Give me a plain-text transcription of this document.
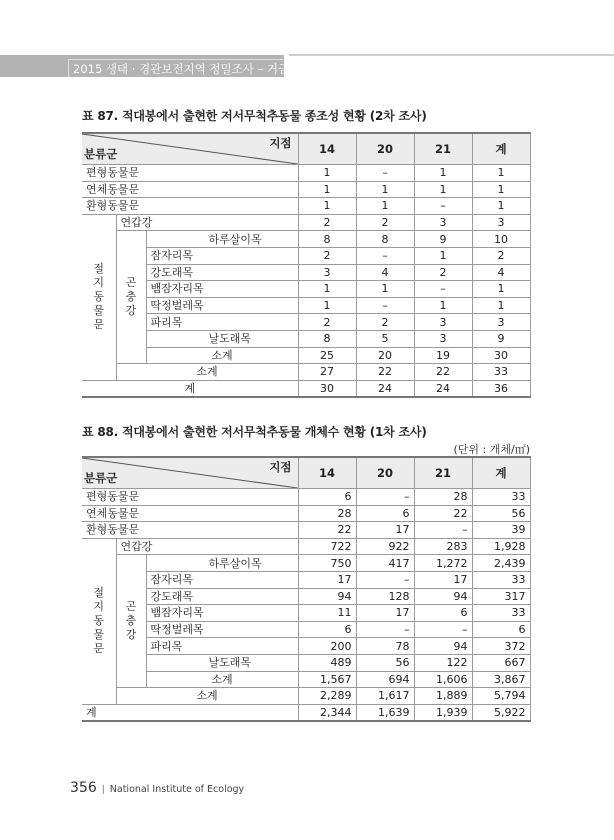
2015 생태 · 경관보전지역 정밀조사 – 거금도 적대봉
표 87. 적대봉에서 출현한 저서무척추동물 종조성 현황 (2차 조사)
지점
분류군			14	20	21	계
편형동물문			1	–	1	1
연체동물문			1	1	1	1
환형동물문			1	1	–	1
절지동물문	연갑강		2	2	3	3
	곤충강	하루살이목	8	8	9	10
		잠자리목	2	–	1	2
		강도래목	3	4	2	4
		뱀잠자리목	1	1	–	1
		딱정벌레목	1	–	1	1
		파리목	2	2	3	3
		날도래목	8	5	3	9
		소계	25	20	19	30
	소계		27	22	22	33
계			30	24	24	36
표 88. 적대봉에서 출현한 저서무척추동물 개체수 현황 (1차 조사)
(단위 : 개체/㎡)
지점
분류군			14	20	21	계
편형동물문			6	–	28	33
연체동물문			28	6	22	56
환형동물문			22	17	–	39
절지동물문	연갑강		722	922	283	1,928
	곤충강	하루살이목	750	417	1,272	2,439
		잠자리목	17	–	17	33
		강도래목	94	128	94	317
		뱀잠자리목	11	17	6	33
		딱정벌레목	6	–	–	6
		파리목	200	78	94	372
		날도래목	489	56	122	667
		소계	1,567	694	1,606	3,867
	소계		2,289	1,617	1,889	5,794
계			2,344	1,639	1,939	5,922
356 | National Institute of Ecology
